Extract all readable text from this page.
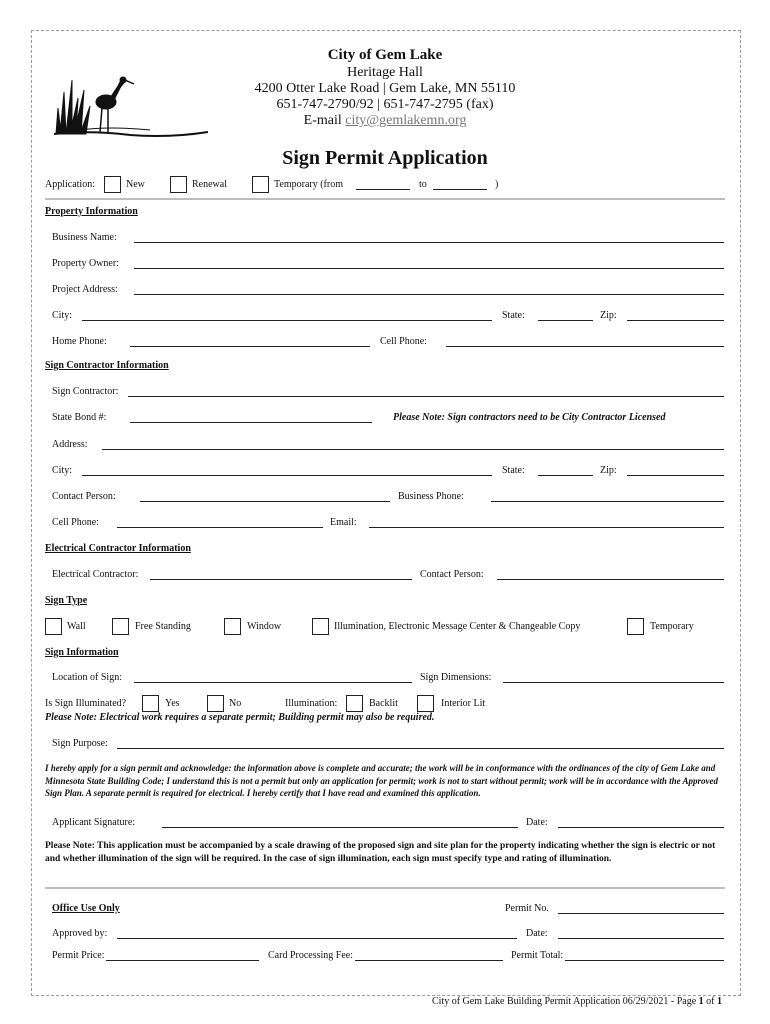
City of Gem Lake
Heritage Hall
4200 Otter Lake Road | Gem Lake, MN 55110
651-747-2790/92 | 651-747-2795 (fax)
E-mail city@gemlakemn.org
Sign Permit Application
Application:	New	Renewal	Temporary (from	to	)
Property Information
Business Name:
Property Owner:
Project Address:
City:	State:	Zip:
Home Phone:	Cell Phone:
Sign Contractor Information
Sign Contractor:
State Bond #:	Please Note: Sign contractors need to be City Contractor Licensed
Address:
City:	State:	Zip:
Contact Person:	Business Phone:
Cell Phone:	Email:
Electrical Contractor Information
Electrical Contractor:	Contact Person:
Sign Type
Wall	Free Standing	Window	Illumination, Electronic Message Center & Changeable Copy	Temporary
Sign Information
Location of Sign:	Sign Dimensions:
Is Sign Illuminated?	Yes	No	Illumination:	Backlit	Interior Lit
Please Note: Electrical work requires a separate permit; Building permit may also be required.
Sign Purpose:
I hereby apply for a sign permit and acknowledge: the information above is complete and accurate; the work will be in conformance with the ordinances of the city of Gem Lake and Minnesota State Building Code; I understand this is not a permit but only an application for permit; work is not to start without permit; work will be in accordance with the Approved Sign Plan. A separate permit is required for electrical. I hereby certify that I have read and examined this application.
Applicant Signature:	Date:
Please Note: This application must be accompanied by a scale drawing of the proposed sign and site plan for the property indicating whether the sign is electric or not and whether illumination of the sign will be required. In the case of sign illumination, each sign must specify type and rating of illumination.
Office Use Only	Permit No.
Approved by:	Date:
Permit Price:	Card Processing Fee:	Permit Total:
City of Gem Lake Building Permit Application 06/29/2021 - Page 1 of 1
